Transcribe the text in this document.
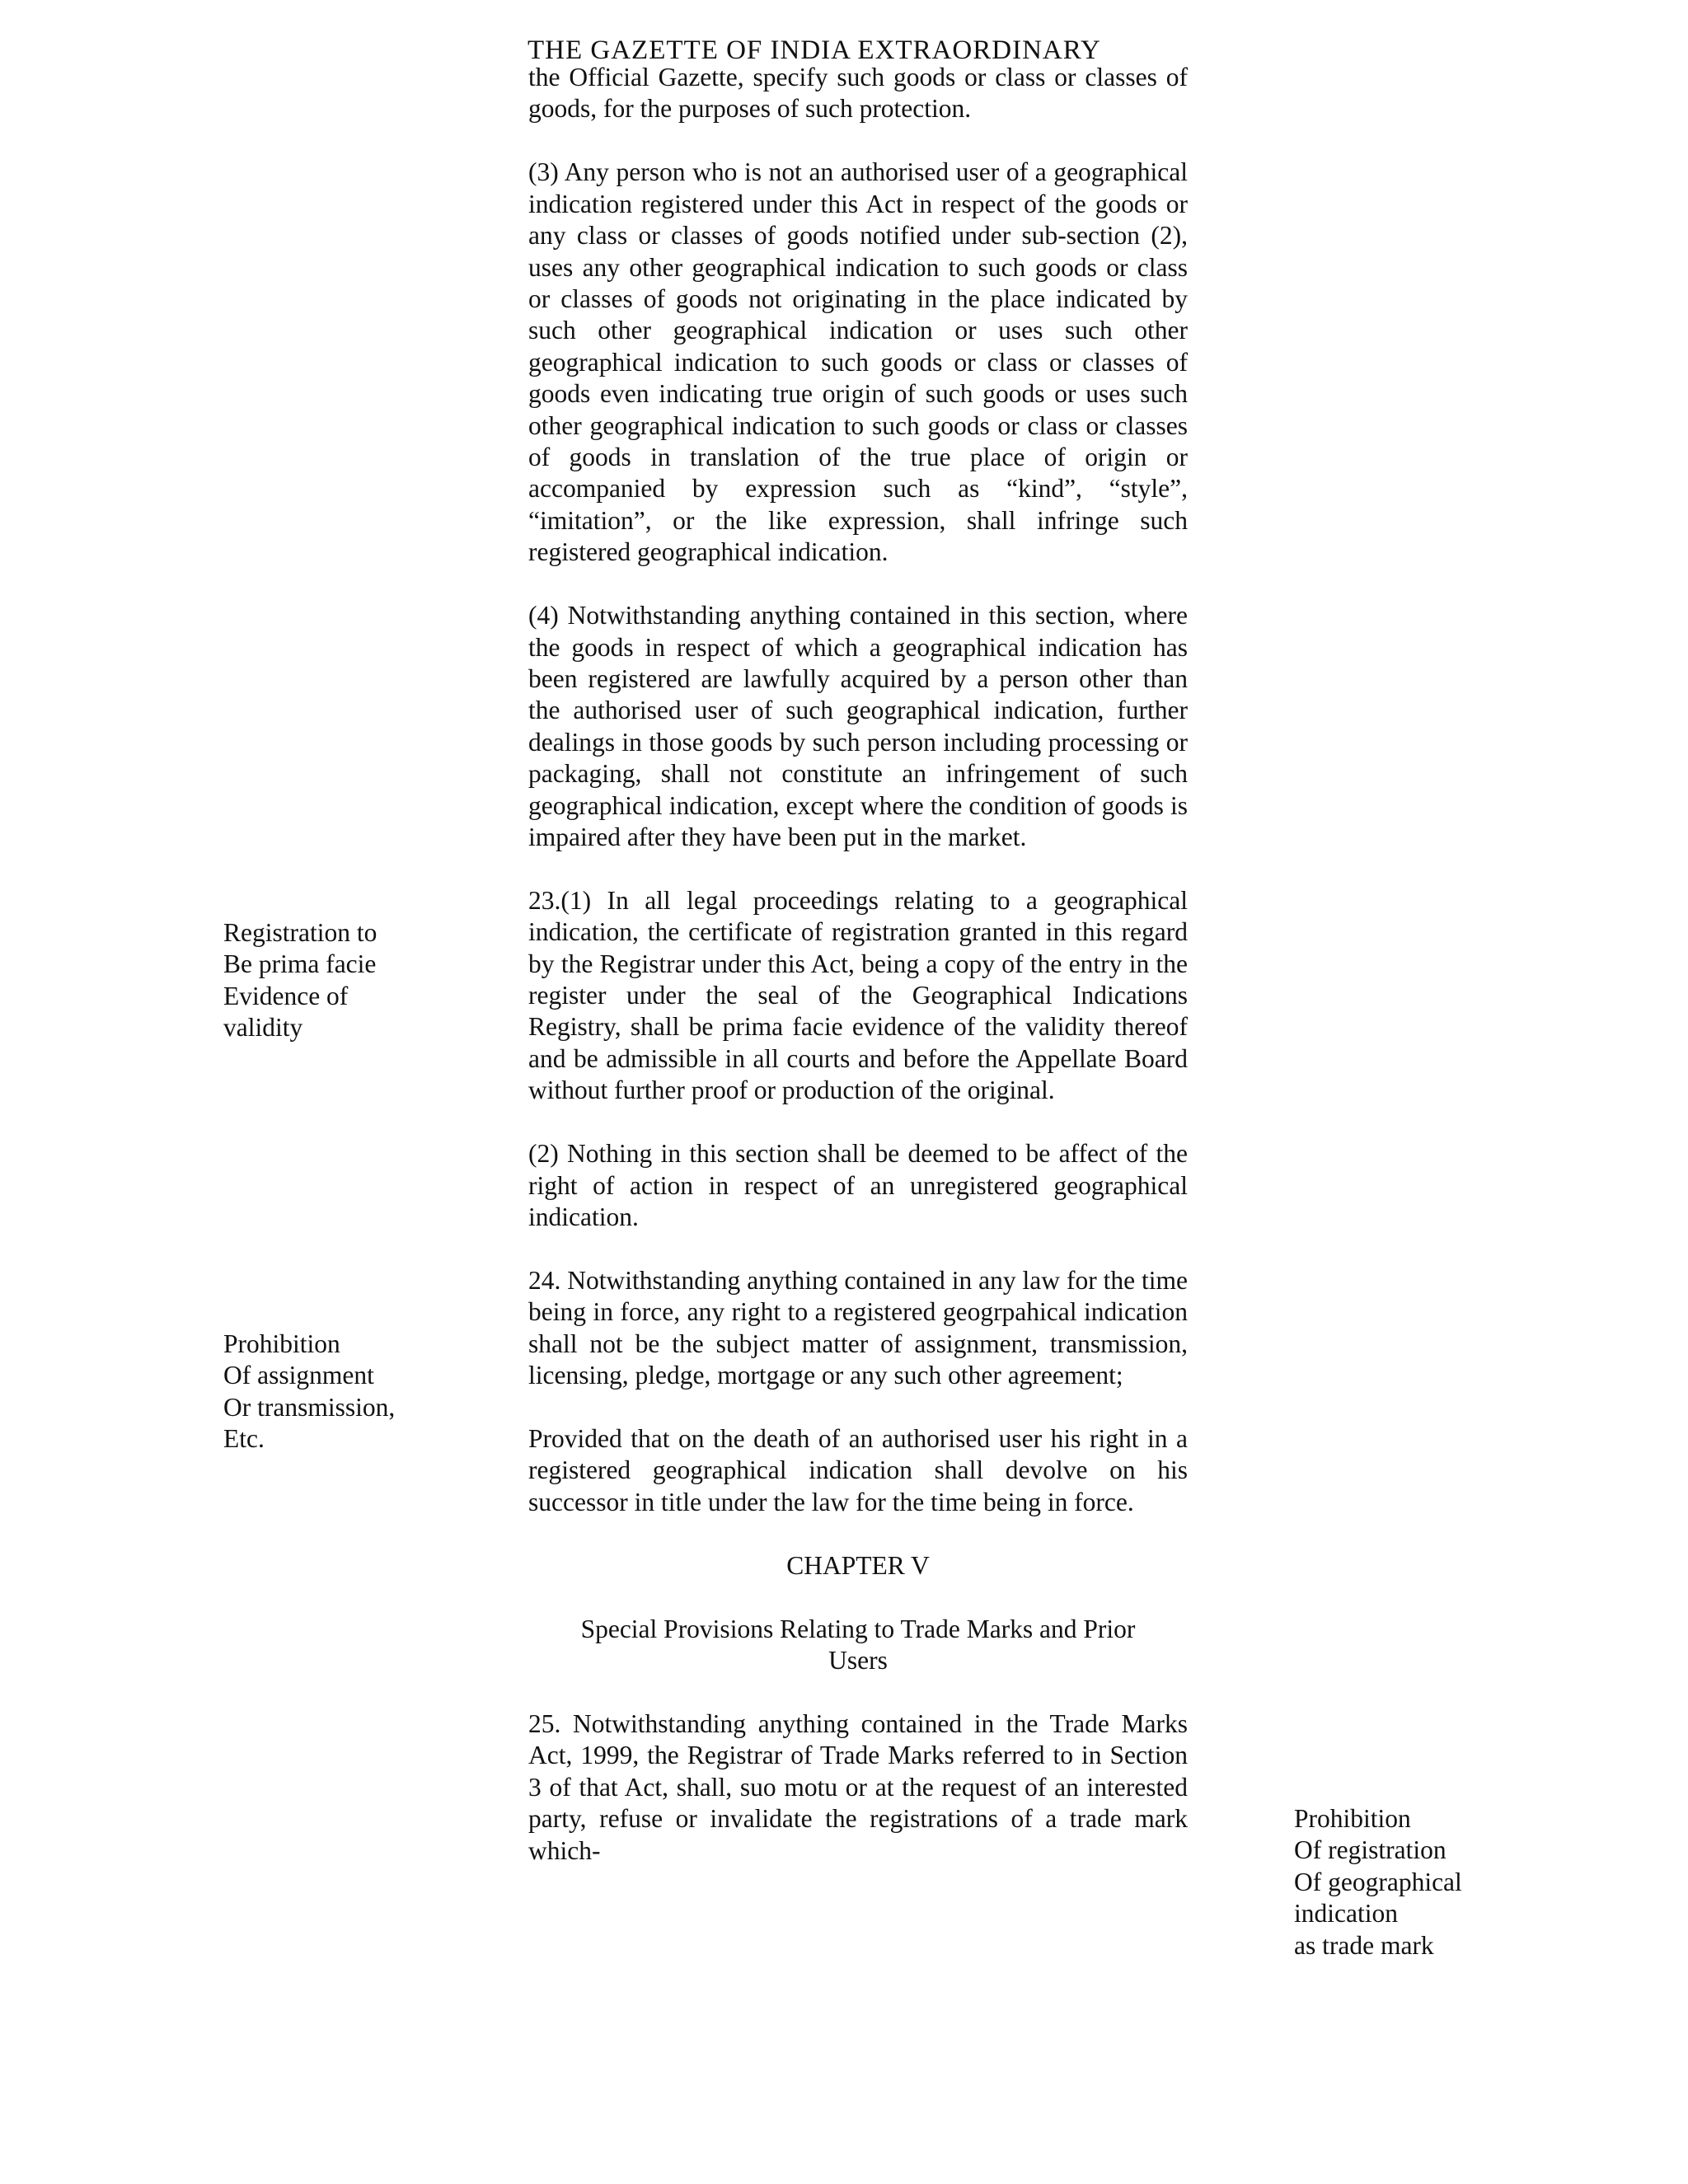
THE GAZETTE OF INDIA EXTRAORDINARY

the Official Gazette, specify such goods or class or classes of goods, for the purposes of such protection.

(3) Any person who is not an authorised user of a geographical indication registered under this Act in respect of the goods or any class or classes of goods notified under sub-section (2), uses any other geographical indication to such goods or class or classes of goods not originating in the place indicated by such other geographical indication or uses such other geographical indication to such goods or class or classes of goods even indicating true origin of such goods or uses such other geographical indication to such goods or class or classes of goods in translation of the true place of origin or accompanied by expression such as “kind”, “style”, “imitation”, or the like expression, shall infringe such registered geographical indication.

(4) Notwithstanding anything contained in this section, where the goods in respect of which a geographical indication has been registered are lawfully acquired by a person other than the authorised user of such geographical indication, further dealings in those goods by such person including processing or packaging, shall not constitute an infringement of such geographical indication, except where the condition of goods is impaired after they have been put in the market.

23.(1) In all legal proceedings relating to a geographical indication, the certificate of registration granted in this regard by the Registrar under this Act, being a copy of the entry in the register under the seal of the Geographical Indications Registry, shall be prima facie evidence of the validity thereof and be admissible in all courts and before the Appellate Board without further proof or production of the original.

(2) Nothing in this section shall be deemed to be affect of the right of action in respect of an unregistered geographical indication.

24. Notwithstanding anything contained in any law for the time being in force, any right to a registered geogrpahical indication shall not be the subject matter of assignment, transmission, licensing, pledge, mortgage or any such other agreement;

Provided that on the death of an authorised user his right in a registered geographical indication shall devolve on his successor in title under the law for the time being in force.

CHAPTER V

Special Provisions Relating to Trade Marks and Prior Users

25. Notwithstanding anything contained in the Trade Marks Act, 1999, the Registrar of Trade Marks referred to in Section 3 of that Act, shall, suo motu or at the request of an interested party, refuse or invalidate the registrations of a trade mark which-

Registration to
Be prima facie
Evidence of
validity
Prohibition
Of assignment
Or transmission,
Etc.
Prohibition
Of registration
Of geographical
indication
as trade mark
